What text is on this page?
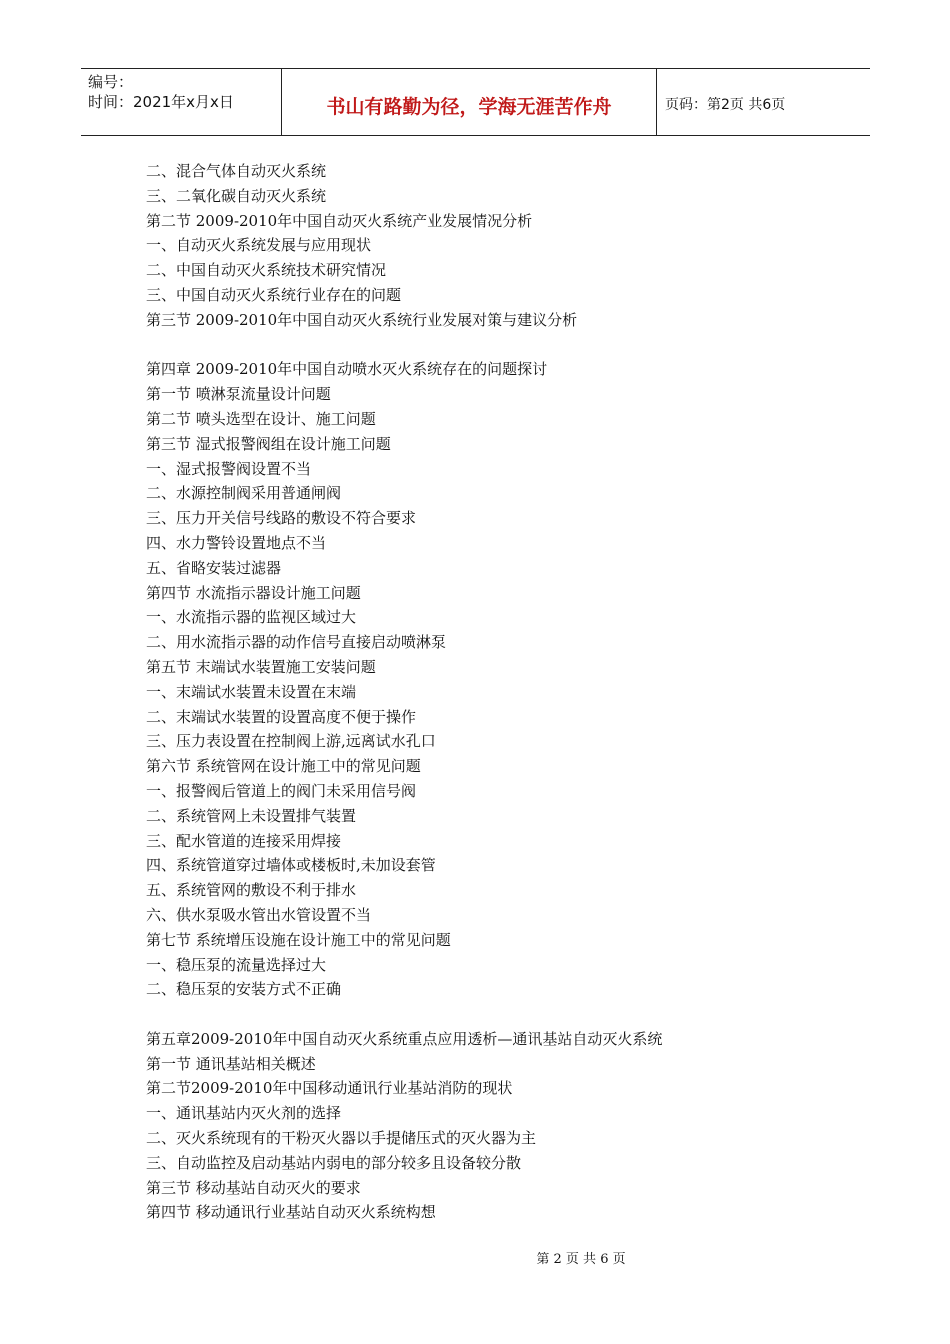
编号：
时间：2021年x月x日	书山有路勤为径，学海无涯苦作舟	页码：第2页 共6页
二、混合气体自动灭火系统
三、二氧化碳自动灭火系统
第二节 2009-2010年中国自动灭火系统产业发展情况分析
一、自动灭火系统发展与应用现状
二、中国自动灭火系统技术研究情况
三、中国自动灭火系统行业存在的问题
第三节 2009-2010年中国自动灭火系统行业发展对策与建议分析
第四章 2009-2010年中国自动喷水灭火系统存在的问题探讨
第一节 喷淋泵流量设计问题
第二节 喷头选型在设计、施工问题
第三节 湿式报警阀组在设计施工问题
一、湿式报警阀设置不当
二、水源控制阀采用普通闸阀
三、压力开关信号线路的敷设不符合要求
四、水力警铃设置地点不当
五、省略安装过滤器
第四节 水流指示器设计施工问题
一、水流指示器的监视区域过大
二、用水流指示器的动作信号直接启动喷淋泵
第五节 末端试水装置施工安装问题
一、末端试水装置未设置在末端
二、末端试水装置的设置高度不便于操作
三、压力表设置在控制阀上游,远离试水孔口
第六节 系统管网在设计施工中的常见问题
一、报警阀后管道上的阀门未采用信号阀
二、系统管网上未设置排气装置
三、配水管道的连接采用焊接
四、系统管道穿过墙体或楼板时,未加设套管
五、系统管网的敷设不利于排水
六、供水泵吸水管出水管设置不当
第七节 系统增压设施在设计施工中的常见问题
一、稳压泵的流量选择过大
二、稳压泵的安装方式不正确
第五章2009-2010年中国自动灭火系统重点应用透析—通讯基站自动灭火系统
第一节 通讯基站相关概述
第二节2009-2010年中国移动通讯行业基站消防的现状
一、通讯基站内灭火剂的选择
二、灭火系统现有的干粉灭火器以手提储压式的灭火器为主
三、自动监控及启动基站内弱电的部分较多且设备较分散
第三节 移动基站自动灭火的要求
第四节 移动通讯行业基站自动灭火系统构想
第 2 页 共 6 页
